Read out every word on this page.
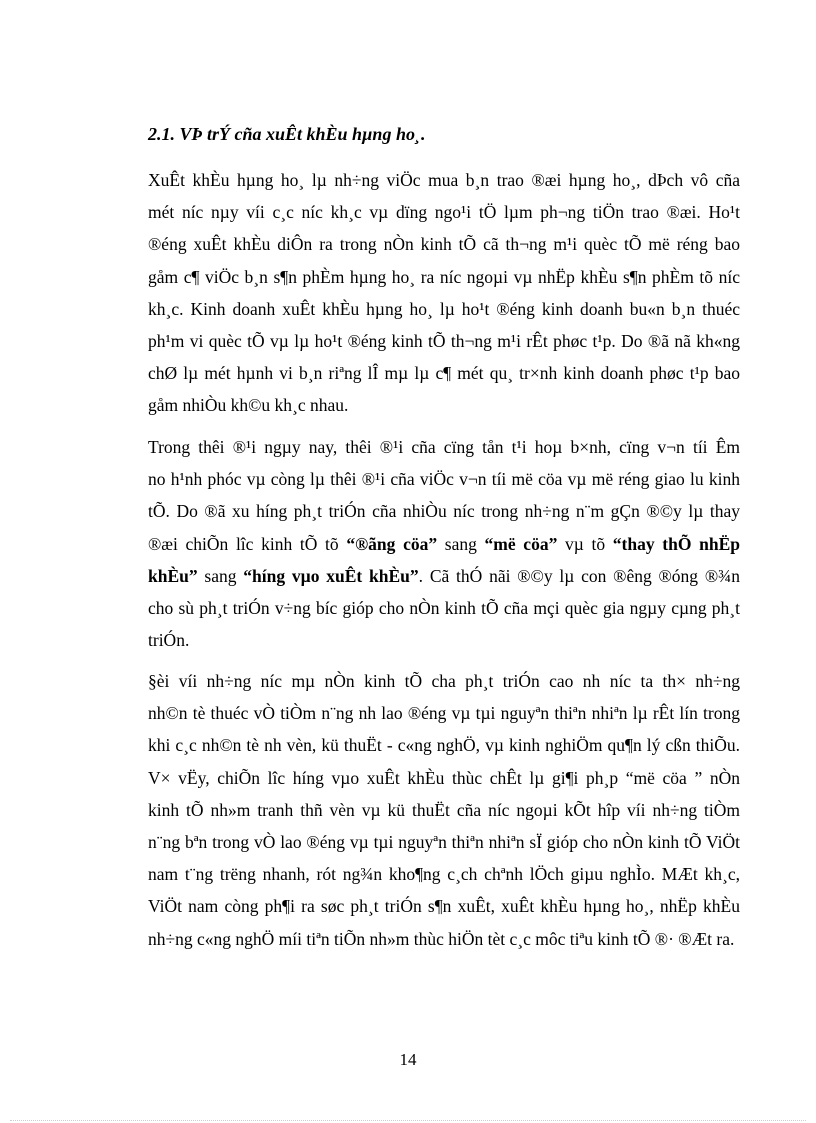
2.1. VÞ trÝ cña xuÊt khÈu hµng ho¸.
XuÊt khÈu hµng ho¸ lµ nh÷ng viÖc mua b¸n trao ®æi hµng ho¸, dÞch vô cña
mét níc nµy víi c¸c níc kh¸c vµ dïng ngo¹i tÖ lµm ph¬ng tiÖn trao ®æi. Ho¹t
®éng xuÊt khÈu diÔn ra trong nÒn kinh tÕ cã th¬ng m¹i quèc tÕ më réng bao
gåm c¶ viÖc b¸n s¶n phÈm hµng ho¸ ra níc ngoµi vµ nhËp khÈu s¶n phÈm tõ níc
kh¸c. Kinh doanh xuÊt khÈu hµng ho¸ lµ ho¹t ®éng kinh doanh bu«n b¸n thuéc
ph¹m vi quèc tÕ vµ lµ ho¹t ®éng kinh tÕ th¬ng m¹i rÊt phøc t¹p. Do ®ã nã kh«ng
chØ lµ mét hµnh vi b¸n riªng lÎ mµ lµ c¶ mét qu¸ tr×nh kinh doanh phøc t¹p bao
gåm nhiÒu kh©u kh¸c nhau.
Trong thêi ®¹i ngµy nay, thêi ®¹i cña cïng tån t¹i hoµ b×nh, cïng v¬n tíi Êm
no h¹nh phóc vµ còng lµ thêi ®¹i cña viÖc v¬n tíi më cöa vµ më réng giao lu kinh
tÕ. Do ®ã xu híng ph¸t triÓn cña nhiÒu níc trong nh÷ng n¨m gÇn ®©y lµ thay
®æi chiÕn lîc kinh tÕ tõ “®ãng cöa” sang “më cöa” vµ tõ “thay thÕ nhËp
khÈu” sang “híng vµo xuÊt khÈu”. Cã thÓ nãi ®©y lµ con ®êng ®óng ®¾n
cho sù ph¸t triÓn v÷ng bíc gióp cho nÒn kinh tÕ cña mçi quèc gia ngµy cµng ph¸t
triÓn.
§èi víi nh÷ng níc mµ nÒn kinh tÕ cha ph¸t triÓn cao nh níc ta th× nh÷ng
nh©n tè thuéc vÒ tiÒm n¨ng nh lao ®éng vµ tµi nguyªn thiªn nhiªn lµ rÊt lín trong
khi c¸c nh©n tè nh vèn, kü thuËt - c«ng nghÖ, vµ kinh nghiÖm qu¶n lý cßn thiÕu.
V× vËy, chiÕn lîc híng vµo xuÊt khÈu thùc chÊt lµ gi¶i ph¸p “më cöa ” nÒn
kinh tÕ nh»m tranh thñ vèn vµ kü thuËt cña níc ngoµi kÕt hîp víi nh÷ng tiÒm
n¨ng bªn trong vÒ lao ®éng vµ tµi nguyªn thiªn nhiªn sÏ gióp cho nÒn kinh tÕ ViÖt
nam t¨ng trëng nhanh, rót ng¾n kho¶ng c¸ch chªnh lÖch giµu nghÌo. MÆt kh¸c,
ViÖt nam còng ph¶i ra søc ph¸t triÓn s¶n xuÊt, xuÊt khÈu hµng ho¸, nhËp khÈu
nh÷ng c«ng nghÖ míi tiªn tiÕn nh»m thùc hiÖn tèt c¸c môc tiªu kinh tÕ ®· ®Æt ra.
14
